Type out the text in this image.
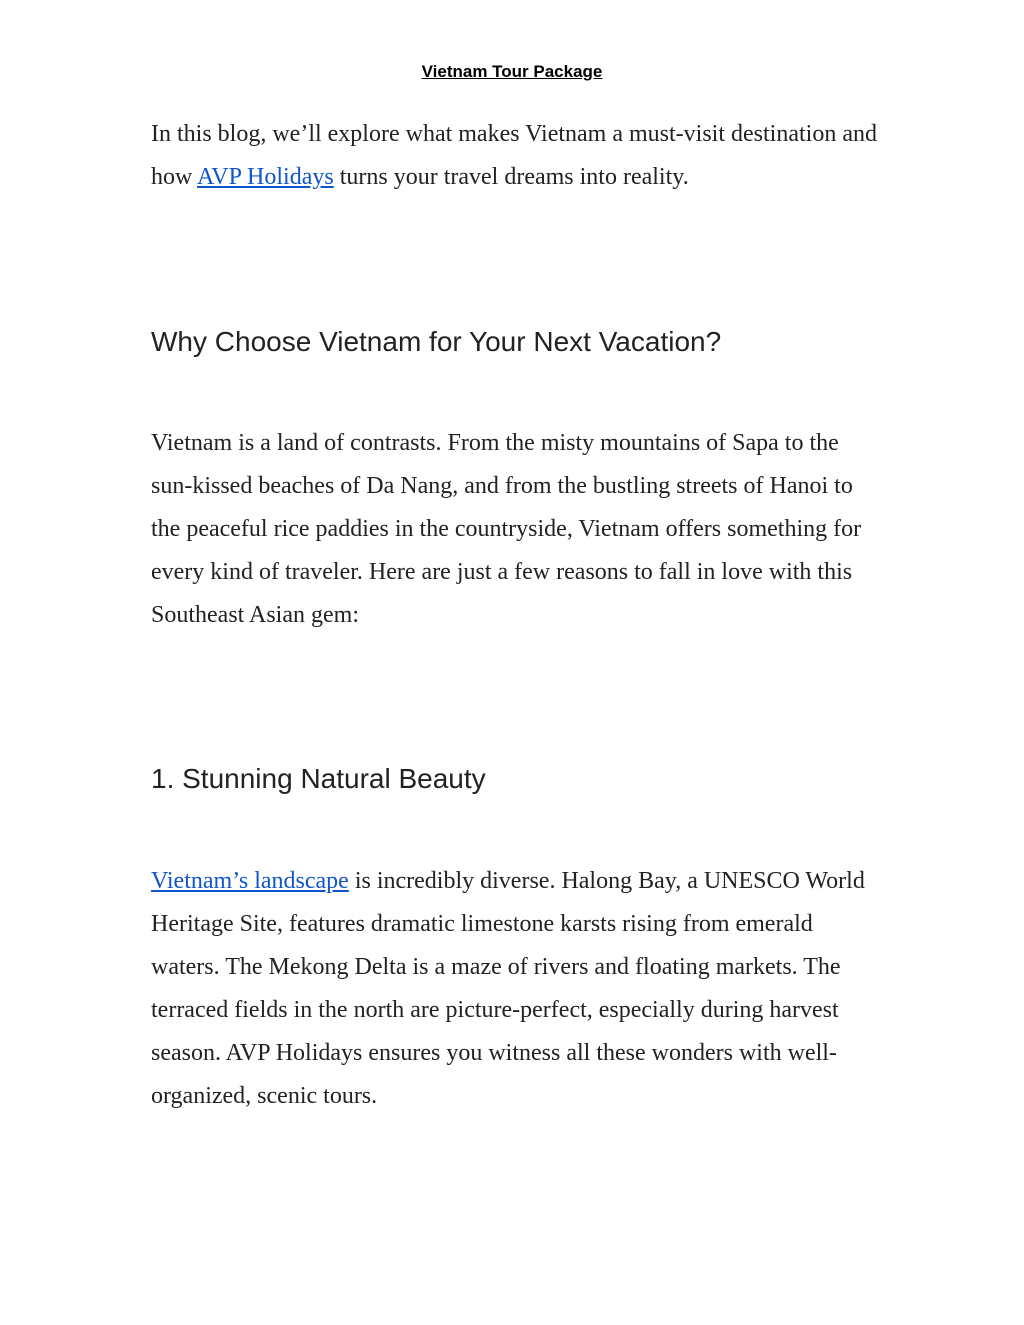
Vietnam Tour Package

In this blog, we’ll explore what makes Vietnam a must-visit destination and how AVP Holidays turns your travel dreams into reality.

Why Choose Vietnam for Your Next Vacation?

Vietnam is a land of contrasts. From the misty mountains of Sapa to the sun-kissed beaches of Da Nang, and from the bustling streets of Hanoi to the peaceful rice paddies in the countryside, Vietnam offers something for every kind of traveler. Here are just a few reasons to fall in love with this Southeast Asian gem:

1. Stunning Natural Beauty

Vietnam’s landscape is incredibly diverse. Halong Bay, a UNESCO World Heritage Site, features dramatic limestone karsts rising from emerald waters. The Mekong Delta is a maze of rivers and floating markets. The terraced fields in the north are picture-perfect, especially during harvest season. AVP Holidays ensures you witness all these wonders with well-organized, scenic tours.
